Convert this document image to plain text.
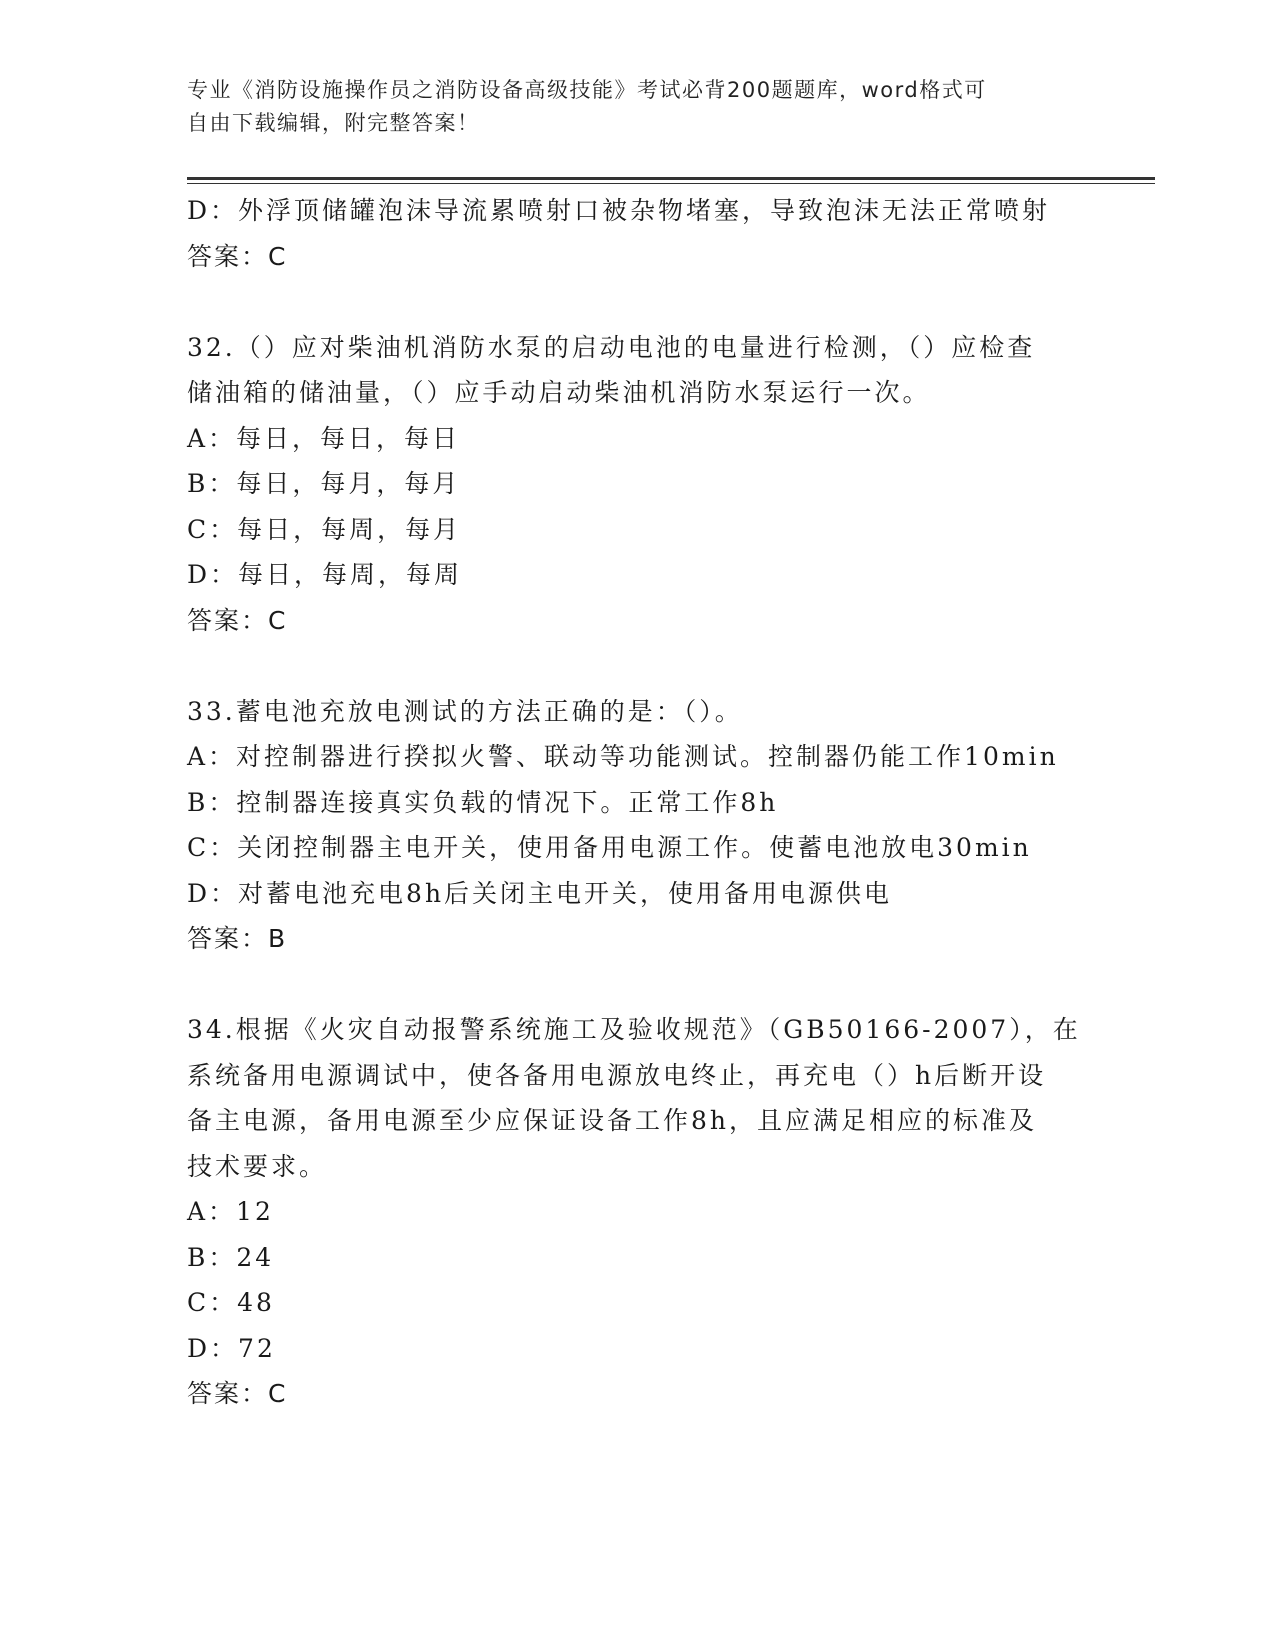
专业《消防设施操作员之消防设备高级技能》考试必背200题题库，word格式可
自由下载编辑，附完整答案！
D：外浮顶储罐泡沫导流累喷射口被杂物堵塞，导致泡沫无法正常喷射
答案：C
32.（）应对柴油机消防水泵的启动电池的电量进行检测，（）应检查
储油箱的储油量，（）应手动启动柴油机消防水泵运行一次。
A：每日，每日，每日
B：每日，每月，每月
C：每日，每周，每月
D：每日，每周，每周
答案：C
33.蓄电池充放电测试的方法正确的是：（）。
A：对控制器进行揆拟火警、联动等功能测试。控制器仍能工作10min
B：控制器连接真实负载的情况下。正常工作8h
C：关闭控制器主电开关，使用备用电源工作。使蓄电池放电30min
D：对蓄电池充电8h后关闭主电开关，使用备用电源供电
答案：B
34.根据《火灾自动报警系统施工及验收规范》（GB50166-2007），在
系统备用电源调试中，使各备用电源放电终止，再充电（）h后断开设
备主电源，备用电源至少应保证设备工作8h，且应满足相应的标准及
技术要求。
A：12
B：24
C：48
D：72
答案：C
